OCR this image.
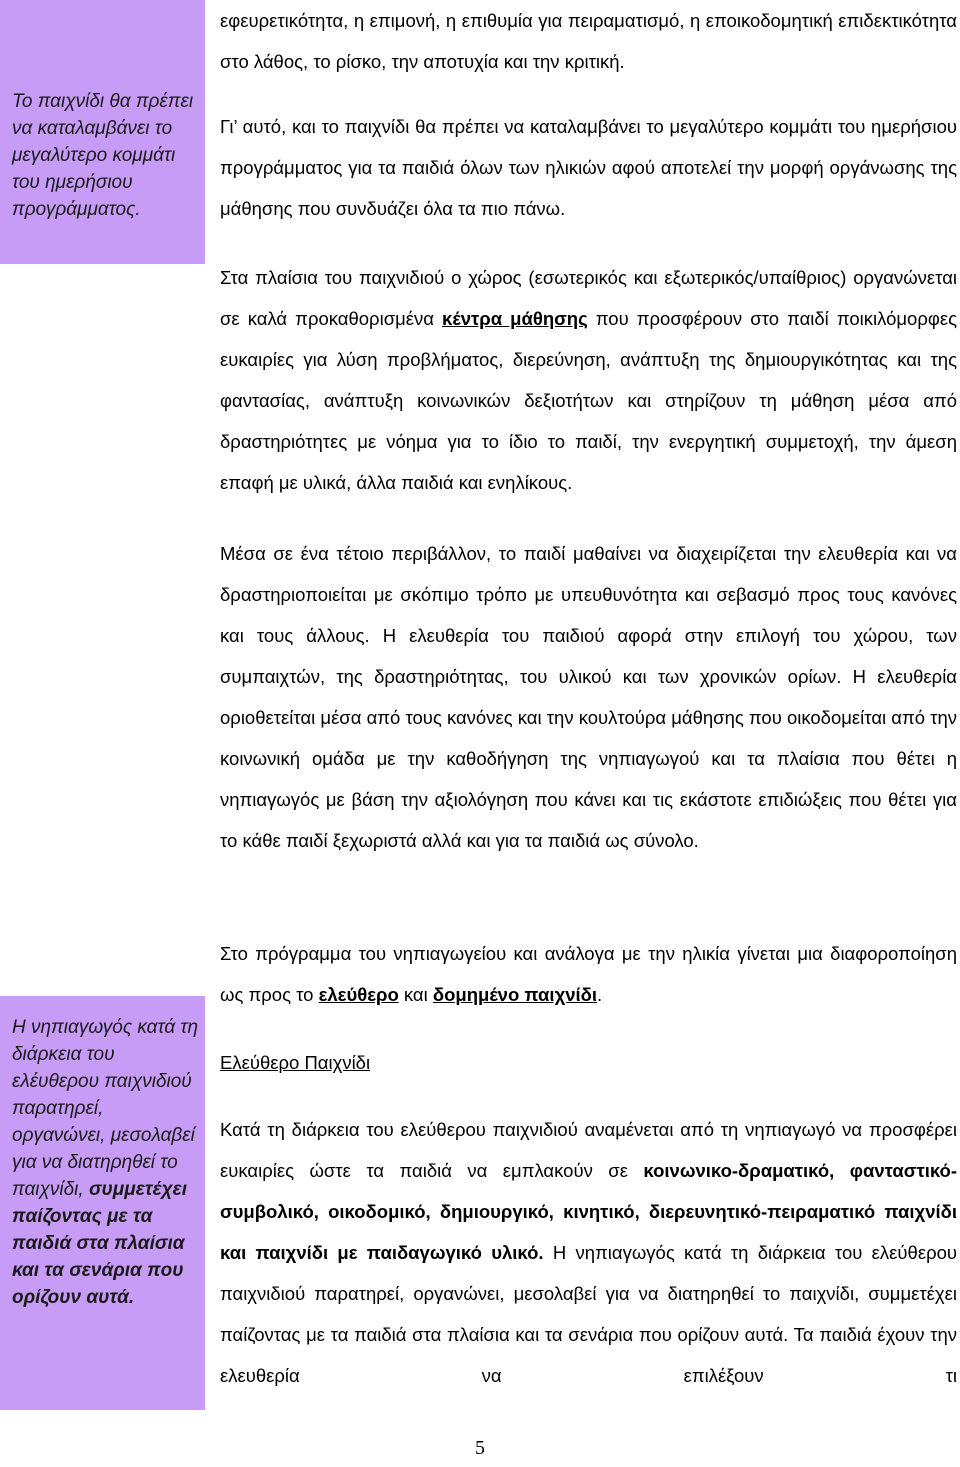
Το παιχνίδι θα πρέπει να καταλαμβάνει το μεγαλύτερο κομμάτι του ημερήσιου προγράμματος.
Η νηπιαγωγός κατά τη διάρκεια του ελέυθερου παιχνιδιού παρατηρεί, οργανώνει, μεσολαβεί για να διατηρηθεί το παιχνίδι, συμμετέχει παίζοντας με τα παιδιά στα πλαίσια και τα σενάρια που ορίζουν αυτά.

εφευρετικότητα, η επιμονή, η επιθυμία για πειραματισμό, η εποικοδομητική επιδεκτικότητα στο λάθος, το ρίσκο, την αποτυχία και την κριτική.

Γι’ αυτό, και το παιχνίδι θα πρέπει να καταλαμβάνει το μεγαλύτερο κομμάτι του ημερήσιου προγράμματος για τα παιδιά όλων των ηλικιών αφού αποτελεί την μορφή οργάνωσης της μάθησης που συνδυάζει όλα τα πιο πάνω.

Στα πλαίσια του παιχνιδιού ο χώρος (εσωτερικός και εξωτερικός/υπαίθριος) οργανώνεται σε καλά προκαθορισμένα κέντρα μάθησης που προσφέρουν στο παιδί ποικιλόμορφες ευκαιρίες για λύση προβλήματος, διερεύνηση, ανάπτυξη της δημιουργικότητας και της φαντασίας, ανάπτυξη κοινωνικών δεξιοτήτων και στηρίζουν τη μάθηση μέσα από δραστηριότητες με νόημα για το ίδιο το παιδί, την ενεργητική συμμετοχή, την άμεση επαφή με υλικά, άλλα παιδιά και ενηλίκους.

Μέσα σε ένα τέτοιο περιβάλλον, το παιδί μαθαίνει να διαχειρίζεται την ελευθερία και να δραστηριοποιείται με σκόπιμο τρόπο με υπευθυνότητα και σεβασμό προς τους κανόνες και τους άλλους. Η ελευθερία του παιδιού αφορά στην επιλογή του χώρου, των συμπαιχτών, της δραστηριότητας, του υλικού και των χρονικών ορίων. Η ελευθερία οριοθετείται μέσα από τους κανόνες και την κουλτούρα μάθησης που οικοδομείται από την κοινωνική ομάδα με την καθοδήγηση της νηπιαγωγού και τα πλαίσια που θέτει η νηπιαγωγός με βάση την αξιολόγηση που κάνει και τις εκάστοτε επιδιώξεις που θέτει για το κάθε παιδί ξεχωριστά αλλά και για τα παιδιά ως σύνολο.

Στο πρόγραμμα του νηπιαγωγείου και ανάλογα με την ηλικία γίνεται μια διαφοροποίηση ως προς το ελεύθερο και δομημένο παιχνίδι.

Ελεύθερο Παιχνίδι

Κατά τη διάρκεια του ελεύθερου παιχνιδιού αναμένεται από τη νηπιαγωγό να προσφέρει ευκαιρίες ώστε τα παιδιά να εμπλακούν σε κοινωνικο-δραματικό, φανταστικό-συμβολικό, οικοδομικό, δημιουργικό, κινητικό, διερευνητικό-πειραματικό παιχνίδι και παιχνίδι με παιδαγωγικό υλικό. Η νηπιαγωγός κατά τη διάρκεια του ελεύθερου παιχνιδιού παρατηρεί, οργανώνει, μεσολαβεί για να διατηρηθεί το παιχνίδι, συμμετέχει παίζοντας με τα παιδιά στα πλαίσια και τα σενάρια που ορίζουν αυτά. Τα παιδιά έχουν την ελευθερία να επιλέξουν τι

5
